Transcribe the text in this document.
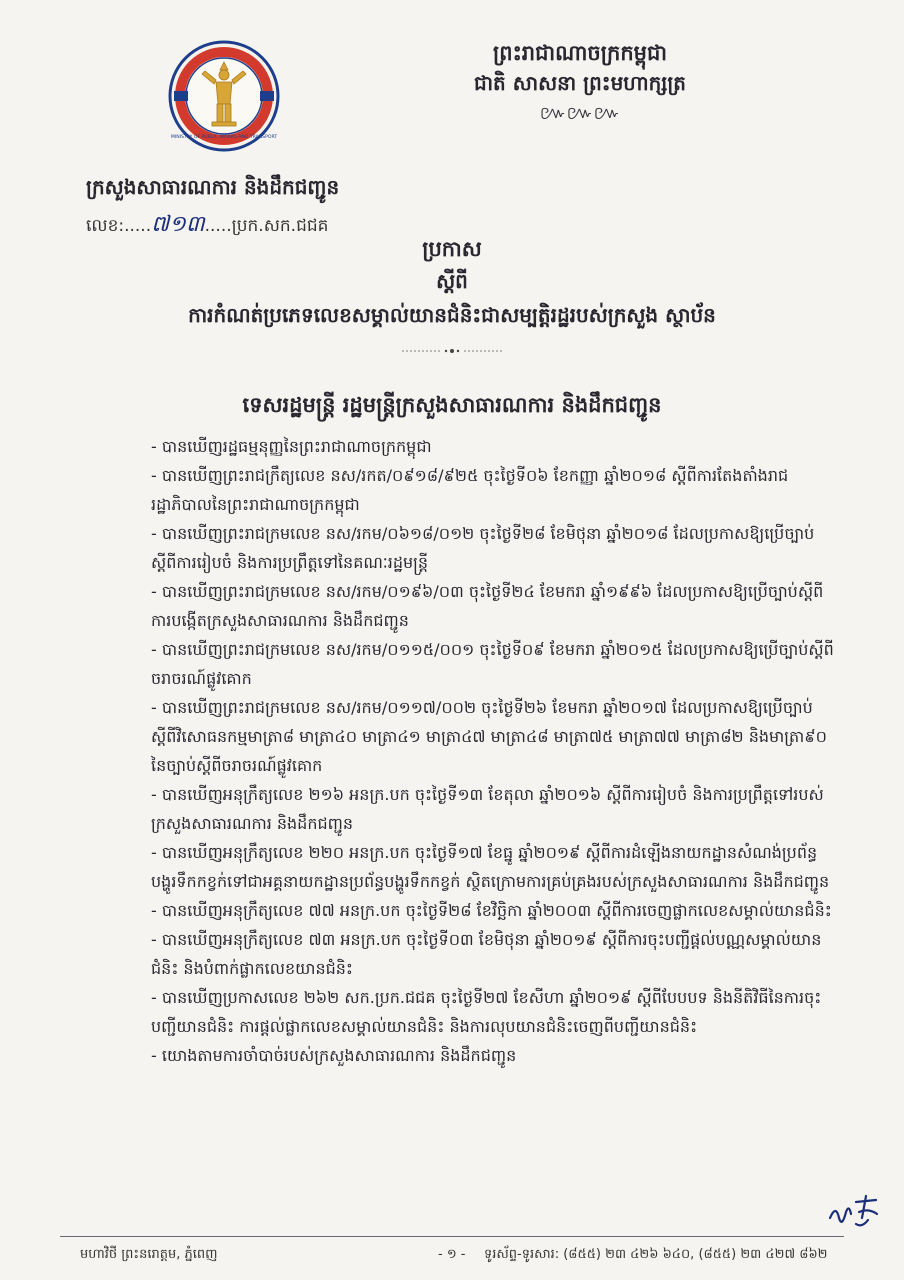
MINISTRY OF PUBLIC WORKS AND TRANSPORT
ព្រះរាជាណាចក្រកម្ពុជា
ជាតិ សាសនា ព្រះមហាក្សត្រ
៚៚៚
ក្រសួងសាធារណការ និងដឹកជញ្ជូន
លេខ:.....៧១៣.....ប្រក.សក.ជជគ
ប្រកាស
ស្តីពី
ការកំណត់ប្រភេទលេខសម្គាល់យានជំនិះជាសម្បត្តិរដ្ឋរបស់ក្រសួង ស្ថាប័ន
ទេសរដ្ឋមន្ត្រី រដ្ឋមន្ត្រីក្រសួងសាធារណការ និងដឹកជញ្ជូន

- បានឃើញរដ្ឋធម្មនុញ្ញនៃព្រះរាជាណាចក្រកម្ពុជា

- បានឃើញព្រះរាជក្រឹត្យលេខ នស/រកត/០៩១៨/៩២៥ ចុះថ្ងៃទី០៦ ខែកញ្ញា ឆ្នាំ២០១៨ ស្តីពីការតែងតាំងរាជរដ្ឋាភិបាលនៃព្រះរាជាណាចក្រកម្ពុជា

- បានឃើញព្រះរាជក្រមលេខ នស/រកម/០៦១៨/០១២ ចុះថ្ងៃទី២៨ ខែមិថុនា ឆ្នាំ២០១៨ ដែលប្រកាសឱ្យប្រើច្បាប់ស្តីពីការរៀបចំ និងការប្រព្រឹត្តទៅនៃគណៈរដ្ឋមន្ត្រី

- បានឃើញព្រះរាជក្រមលេខ នស/រកម/០១៩៦/០៣ ចុះថ្ងៃទី២៤ ខែមករា ឆ្នាំ១៩៩៦ ដែលប្រកាសឱ្យប្រើច្បាប់ស្តីពីការបង្កើតក្រសួងសាធារណការ និងដឹកជញ្ជូន

- បានឃើញព្រះរាជក្រមលេខ នស/រកម/០១១៥/០០១ ចុះថ្ងៃទី០៩ ខែមករា ឆ្នាំ២០១៥ ដែលប្រកាសឱ្យប្រើច្បាប់ស្តីពីចរាចរណ៍ផ្លូវគោក

- បានឃើញព្រះរាជក្រមលេខ នស/រកម/០១១៧/០០២ ចុះថ្ងៃទី២៦ ខែមករា ឆ្នាំ២០១៧ ដែលប្រកាសឱ្យប្រើច្បាប់ស្តីពីវិសោធនកម្មមាត្រា៨ មាត្រា៤០ មាត្រា៤១ មាត្រា៤៧ មាត្រា៤៨ មាត្រា៧៥ មាត្រា៧៧ មាត្រា៨២ និងមាត្រា៩០ នៃច្បាប់ស្តីពីចរាចរណ៍ផ្លូវគោក

- បានឃើញអនុក្រឹត្យលេខ ២១៦ អនក្រ.បក ចុះថ្ងៃទី១៣ ខែតុលា ឆ្នាំ២០១៦ ស្តីពីការរៀបចំ និងការប្រព្រឹត្តទៅរបស់ក្រសួងសាធារណការ និងដឹកជញ្ជូន

- បានឃើញអនុក្រឹត្យលេខ ២២០ អនក្រ.បក ចុះថ្ងៃទី១៧ ខែធ្នូ ឆ្នាំ២០១៩ ស្តីពីការដំឡើងនាយកដ្ឋានសំណង់ប្រព័ន្ធបង្ហូរទឹកកខ្វក់ទៅជាអគ្គនាយកដ្ឋានប្រព័ន្ធបង្ហូរទឹកកខ្វក់ ស្ថិតក្រោមការគ្រប់គ្រងរបស់ក្រសួងសាធារណការ និងដឹកជញ្ជូន

- បានឃើញអនុក្រឹត្យលេខ ៧៧ អនក្រ.បក ចុះថ្ងៃទី២៨ ខែវិច្ឆិកា ឆ្នាំ២០០៣ ស្តីពីការចេញផ្លាកលេខសម្គាល់យានជំនិះ

- បានឃើញអនុក្រឹត្យលេខ ៧៣ អនក្រ.បក ចុះថ្ងៃទី០៣ ខែមិថុនា ឆ្នាំ២០១៩ ស្តីពីការចុះបញ្ជីផ្តល់បណ្ណសម្គាល់យានជំនិះ និងបំពាក់ផ្លាកលេខយានជំនិះ

- បានឃើញប្រកាសលេខ ២៦២ សក.ប្រក.ជជគ ចុះថ្ងៃទី២៧ ខែសីហា ឆ្នាំ២០១៩ ស្តីពីបែបបទ និងនីតិវិធីនៃការចុះបញ្ជីយានជំនិះ ការផ្តល់ផ្លាកលេខសម្គាល់យានជំនិះ និងការលុបយានជំនិះចេញពីបញ្ជីយានជំនិះ

- យោងតាមការចាំបាច់របស់ក្រសួងសាធារណការ និងដឹកជញ្ជូន

មហាវិថី ព្រះនរោត្តម, ភ្នំពេញ	- ១ - ទូរស័ព្ទ-ទូរសារ: (៨៥៥) ២៣ ៤២៦ ៦៤០, (៨៥៥) ២៣ ៤២៧ ៨៦២
